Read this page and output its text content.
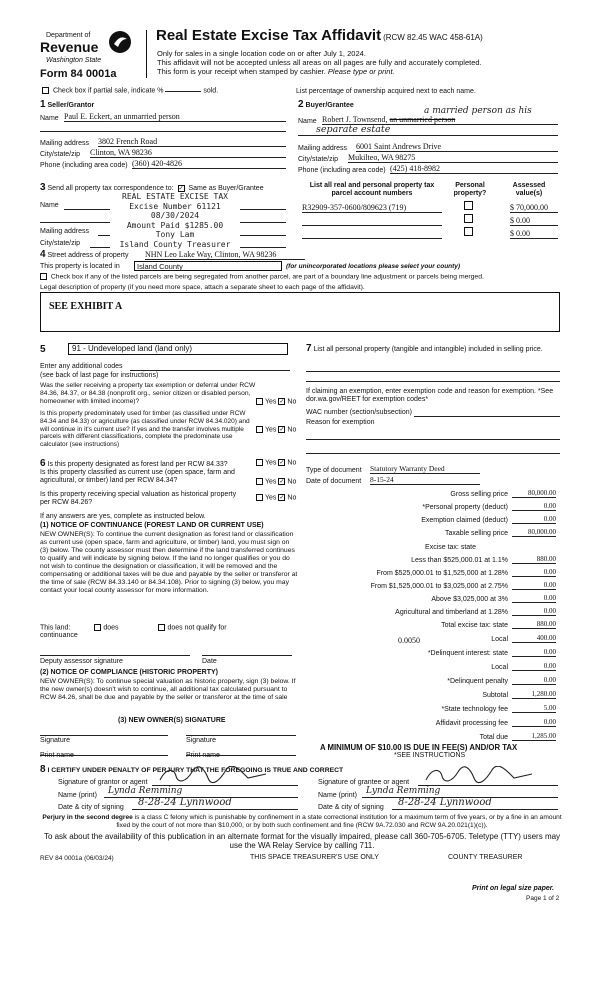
Department of
Revenue
Washington State
Form 84 0001a
Real Estate Excise Tax Affidavit (RCW 82.45 WAC 458-61A)
Only for sales in a single location code on or after July 1, 2024.
This affidavit will not be accepted unless all areas on all pages are fully and accurately completed.
This form is your receipt when stamped by cashier. Please type or print.
Check box if partial sale, indicate %	sold.	List percentage of ownership acquired next to each name.
1 Seller/Grantor
Name Paul E. Eckert, an unmarried person
Mailing address 3802 French Road
City/state/zip Clinton, WA 98236
Phone (including area code) (360) 420-4826
2 Buyer/Grantee
a married person as his
Name Robert J. Townsend, an unmarried person
separate estate
Mailing address 6001 Saint Andrews Drive
City/state/zip Mukilteo, WA 98275
Phone (including area code) (425) 418-8982
3 Send all property tax correspondence to: ✓ Same as Buyer/Grantee
Name
Mailing address
City/state/zip
REAL ESTATE EXCISE TAX
Excise Number 61121
08/30/2024
Amount Paid $1285.00
Tony Lam
Island County Treasurer
List all real and personal property tax parcel account numbers
Personal property?
Assessed value(s)
R32909-357-0600/809623 (719)	$ 70,000.00
$ 0.00
$ 0.00
4 Street address of property NHN Leo Lake Way, Clinton, WA 98236
This property is located in	Island County	(for unincorporated locations please select your county)
Check box if any of the listed parcels are being segregated from another parcel, are part of a boundary line adjustment or parcels being merged.
Legal description of property (if you need more space, attach a separate sheet to each page of the affidavit).
SEE EXHIBIT A
5	91 - Undeveloped land (land only)
Enter any additional codes
(see back of last page for instructions)
Was the seller receiving a property tax exemption or deferral under RCW 84.36, 84.37, or 84.38 (nonprofit org., senior citizen or disabled person, homeowner with limited income)?	Yes ✓ No
Is this property predominately used for timber (as classified under RCW 84.34 and 84.33) or agriculture (as classified under RCW 84.34.020) and will continue in it's current use? If yes and the transfer involves multiple parcels with different classifications, complete the predominate use calculator (see instructions)
Yes ✓ No
6 Is this property designated as forest land per RCW 84.33?	Yes ✓ No
Is this property classified as current use (open space, farm and agricultural, or timber) land per RCW 84.34?	Yes ✓ No
Is this property receiving special valuation as historical property per RCW 84.26?
Yes ✓ No
If any answers are yes, complete as instructed below.
(1) NOTICE OF CONTINUANCE (FOREST LAND OR CURRENT USE)
NEW OWNER(S): To continue the current designation as forest land or classification as current use (open space, farm and agriculture, or timber) land, you must sign on (3) below. The county assessor must then determine if the land transferred continues to qualify and will indicate by signing below. If the land no longer qualifies or you do not wish to continue the designation or classification, it will be removed and the compensating or additional taxes will be due and payable by the seller or transferor at the time of sale (RCW 84.33.140 or 84.34.108). Prior to signing (3) below, you may contact your local county assessor for more information.
This land:	does	does not qualify for
continuance
Deputy assessor signature	Date
(2) NOTICE OF COMPLIANCE (HISTORIC PROPERTY)
NEW OWNER(S): To continue special valuation as historic property, sign (3) below. If the new owner(s) doesn't wish to continue, all additional tax calculated pursuant to RCW 84.26, shall be due and payable by the seller or transferor at the time of sale
(3) NEW OWNER(S) SIGNATURE
Signature	Signature
Print name	Print name
7 List all personal property (tangible and intangible) included in selling price.
If claiming an exemption, enter exemption code and reason for exemption. *See dor.wa.gov/REET for exemption codes*
WAC number (section/subsection)
Reason for exemption
Type of document Statutory Warranty Deed
Date of document 8-15-24
Gross selling price	80,000.00
*Personal property (deduct)	0.00
Exemption claimed (deduct)	0.00
Taxable selling price	80,000.00
Excise tax: state
Less than $525,000.01 at 1.1%	880.00
From $525,000.01 to $1,525,000 at 1.28%	0.00
From $1,525,000.01 to $3,025,000 at 2.75%	0.00
Above $3,025,000 at 3%	0.00
Agricultural and timberland at 1.28%	0.00
Total excise tax: state	880.00
0.0050	Local	400.00
*Delinquent interest: state	0.00
Local	0.00
*Delinquent penalty	0.00
Subtotal	1,280.00
*State technology fee	5.00
Affidavit processing fee	0.00
Total due	1,285.00
A MINIMUM OF $10.00 IS DUE IN FEE(S) AND/OR TAX
*SEE INSTRUCTIONS
8 I CERTIFY UNDER PENALTY OF PERJURY THAT THE FOREGOING IS TRUE AND CORRECT
Signature of grantor or agent
Name (print)	Lynda Remming
Date & city of signing	8-28-24 Lynnwood
Signature of grantee or agent
Name (print)	Lynda Remming
Date & city of signing	8-28-24 Lynnwood
Perjury in the second degree is a class C felony which is punishable by confinement in a state correctional institution for a maximum term of five years, or by a fine in an amount fixed by the court of not more than $10,000, or by both such confinement and fine (RCW 9A.72.030 and RCW 9A.20.021(1)(c)).
To ask about the availability of this publication in an alternate format for the visually impaired, please call 360-705-6705. Teletype (TTY) users may use the WA Relay Service by calling 711.
REV 84 0001a (06/03/24)	THIS SPACE TREASURER'S USE ONLY	COUNTY TREASURER
Print on legal size paper.
Page 1 of 2
